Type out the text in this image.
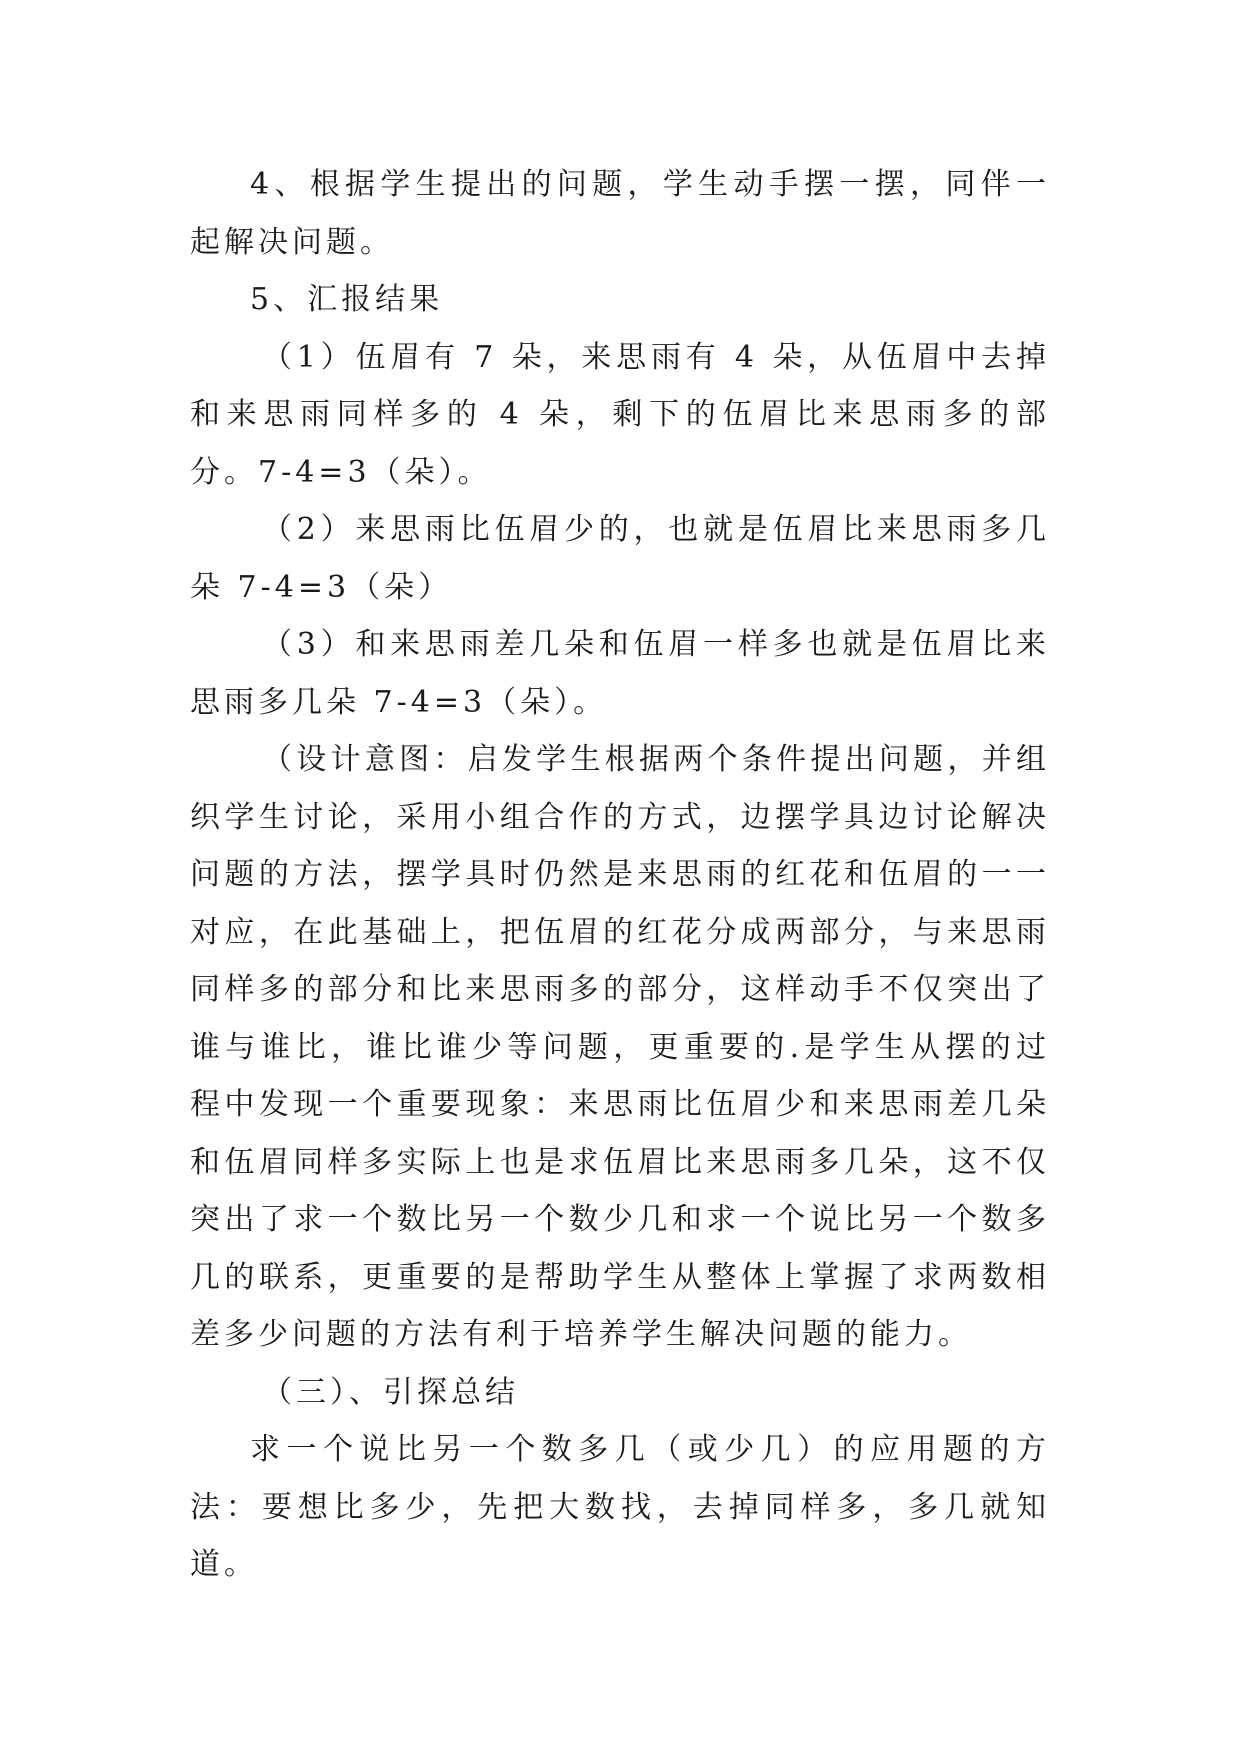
4、根据学生提出的问题，学生动手摆一摆，同伴一起解决问题。

5、汇报结果

（1）伍眉有 7 朵，来思雨有 4 朵，从伍眉中去掉和来思雨同样多的 4 朵，剩下的伍眉比来思雨多的部分。7-4=3（朵）。

（2）来思雨比伍眉少的，也就是伍眉比来思雨多几朵 7-4=3（朵）

（3）和来思雨差几朵和伍眉一样多也就是伍眉比来思雨多几朵 7-4=3（朵）。

（设计意图：启发学生根据两个条件提出问题，并组织学生讨论，采用小组合作的方式，边摆学具边讨论解决问题的方法，摆学具时仍然是来思雨的红花和伍眉的一一对应，在此基础上，把伍眉的红花分成两部分，与来思雨同样多的部分和比来思雨多的部分，这样动手不仅突出了谁与谁比，谁比谁少等问题，更重要的.是学生从摆的过程中发现一个重要现象：来思雨比伍眉少和来思雨差几朵和伍眉同样多实际上也是求伍眉比来思雨多几朵，这不仅突出了求一个数比另一个数少几和求一个说比另一个数多几的联系，更重要的是帮助学生从整体上掌握了求两数相差多少问题的方法有利于培养学生解决问题的能力。

（三）、引探总结

求一个说比另一个数多几（或少几）的应用题的方法：要想比多少，先把大数找，去掉同样多，多几就知道。
